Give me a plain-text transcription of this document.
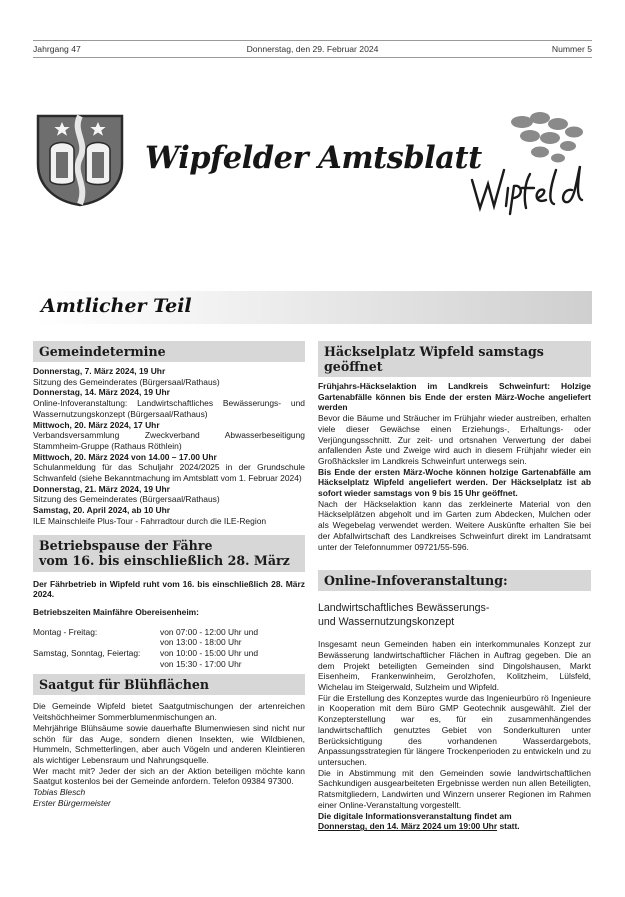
Jahrgang 47	Donnerstag, den 29. Februar 2024	Nummer 5
Wipfelder Amtsblatt
Amtlicher Teil
Gemeindetermine
Donnerstag, 7. März 2024, 19 Uhr
Sitzung des Gemeinderates (Bürgersaal/Rathaus)
Donnerstag, 14. März 2024, 19 Uhr
Online-Infoveranstaltung: Landwirtschaftliches Bewässerungs- und Wassernutzungskonzept (Bürgersaal/Rathaus)
Mittwoch, 20. März 2024, 17 Uhr
Verbandsversammlung Zweckverband Abwasserbeseitigung Stammheim-Gruppe (Rathaus Röthlein)
Mittwoch, 20. März 2024 von 14.00 – 17.00 Uhr
Schulanmeldung für das Schuljahr 2024/2025 in der Grundschule Schwanfeld (siehe Bekanntmachung im Amtsblatt vom 1. Februar 2024)
Donnerstag, 21. März 2024, 19 Uhr
Sitzung des Gemeinderates (Bürgersaal/Rathaus)
Samstag, 20. April 2024, ab 10 Uhr
ILE Mainschleife Plus-Tour - Fahrradtour durch die ILE-Region
Betriebspause der Fähre
vom 16. bis einschließlich 28. März
Der Fährbetrieb in Wipfeld ruht vom 16. bis einschließlich 28. März 2024.
Betriebszeiten Mainfähre Obereisenheim:
Montag - Freitag:	von 07:00 - 12:00 Uhr und
von 13:00 - 18:00 Uhr
Samstag, Sonntag, Feiertag:	von 10:00 - 15:00 Uhr und
von 15:30 - 17:00 Uhr
Saatgut für Blühflächen
Die Gemeinde Wipfeld bietet Saatgutmischungen der artenreichen Veitshöchheimer Sommerblumenmischungen an.
Mehrjährige Blühsäume sowie dauerhafte Blumenwiesen sind nicht nur schön für das Auge, sondern dienen Insekten, wie Wildbienen, Hummeln, Schmetterlingen, aber auch Vögeln und anderen Kleintieren als wichtiger Lebensraum und Nahrungsquelle.
Wer macht mit? Jeder der sich an der Aktion beteiligen möchte kann Saatgut kostenlos bei der Gemeinde anfordern. Telefon 09384 97300.
Tobias Blesch
Erster Bürgermeister
Häckselplatz Wipfeld samstags geöffnet
Frühjahrs-Häckselaktion im Landkreis Schweinfurt: Holzige Gartenabfälle können bis Ende der ersten März-Woche angeliefert werden
Bevor die Bäume und Sträucher im Frühjahr wieder austreiben, erhalten viele dieser Gewächse einen Erziehungs-, Erhaltungs- oder Verjüngungsschnitt. Zur zeit- und ortsnahen Verwertung der dabei anfallenden Äste und Zweige wird auch in diesem Frühjahr wieder ein Großhäcksler im Landkreis Schweinfurt unterwegs sein.
Bis Ende der ersten März-Woche können holzige Gartenabfälle am Häckselplatz Wipfeld angeliefert werden. Der Häckselplatz ist ab sofort wieder samstags von 9 bis 15 Uhr geöffnet.
Nach der Häckselaktion kann das zerkleinerte Material von den Häckselplätzen abgeholt und im Garten zum Abdecken, Mulchen oder als Wegebelag verwendet werden. Weitere Auskünfte erhalten Sie bei der Abfallwirtschaft des Landkreises Schweinfurt direkt im Landratsamt unter der Telefonnummer 09721/55-596.
Online-Infoveranstaltung:
Landwirtschaftliches Bewässerungs-
und Wassernutzungskonzept
Insgesamt neun Gemeinden haben ein interkommunales Konzept zur Bewässerung landwirtschaftlicher Flächen in Auftrag gegeben. Die an dem Projekt beteiligten Gemeinden sind Dingolshausen, Markt Eisenheim, Frankenwinheim, Gerolzhofen, Kolitzheim, Lülsfeld, Wichelau im Steigerwald, Sulzheim und Wipfeld.
Für die Erstellung des Konzeptes wurde das Ingenieurbüro rö Ingenieure in Kooperation mit dem Büro GMP Geotechnik ausgewählt. Ziel der Konzepterstellung war es, für ein zusammenhängendes landwirtschaftlich genutztes Gebiet von Sonderkulturen unter Berücksichtigung des vorhandenen Wasserdargebots, Anpassungsstrategien für längere Trockenperioden zu entwickeln und zu untersuchen.
Die in Abstimmung mit den Gemeinden sowie landwirtschaftlichen Sachkundigen ausgearbeiteten Ergebnisse werden nun allen Beteiligten, Ratsmitgliedern, Landwirten und Winzern unserer Regionen im Rahmen einer Online-Veranstaltung vorgestellt.
Die digitale Informationsveranstaltung findet am
Donnerstag, den 14. März 2024 um 19:00 Uhr statt.
